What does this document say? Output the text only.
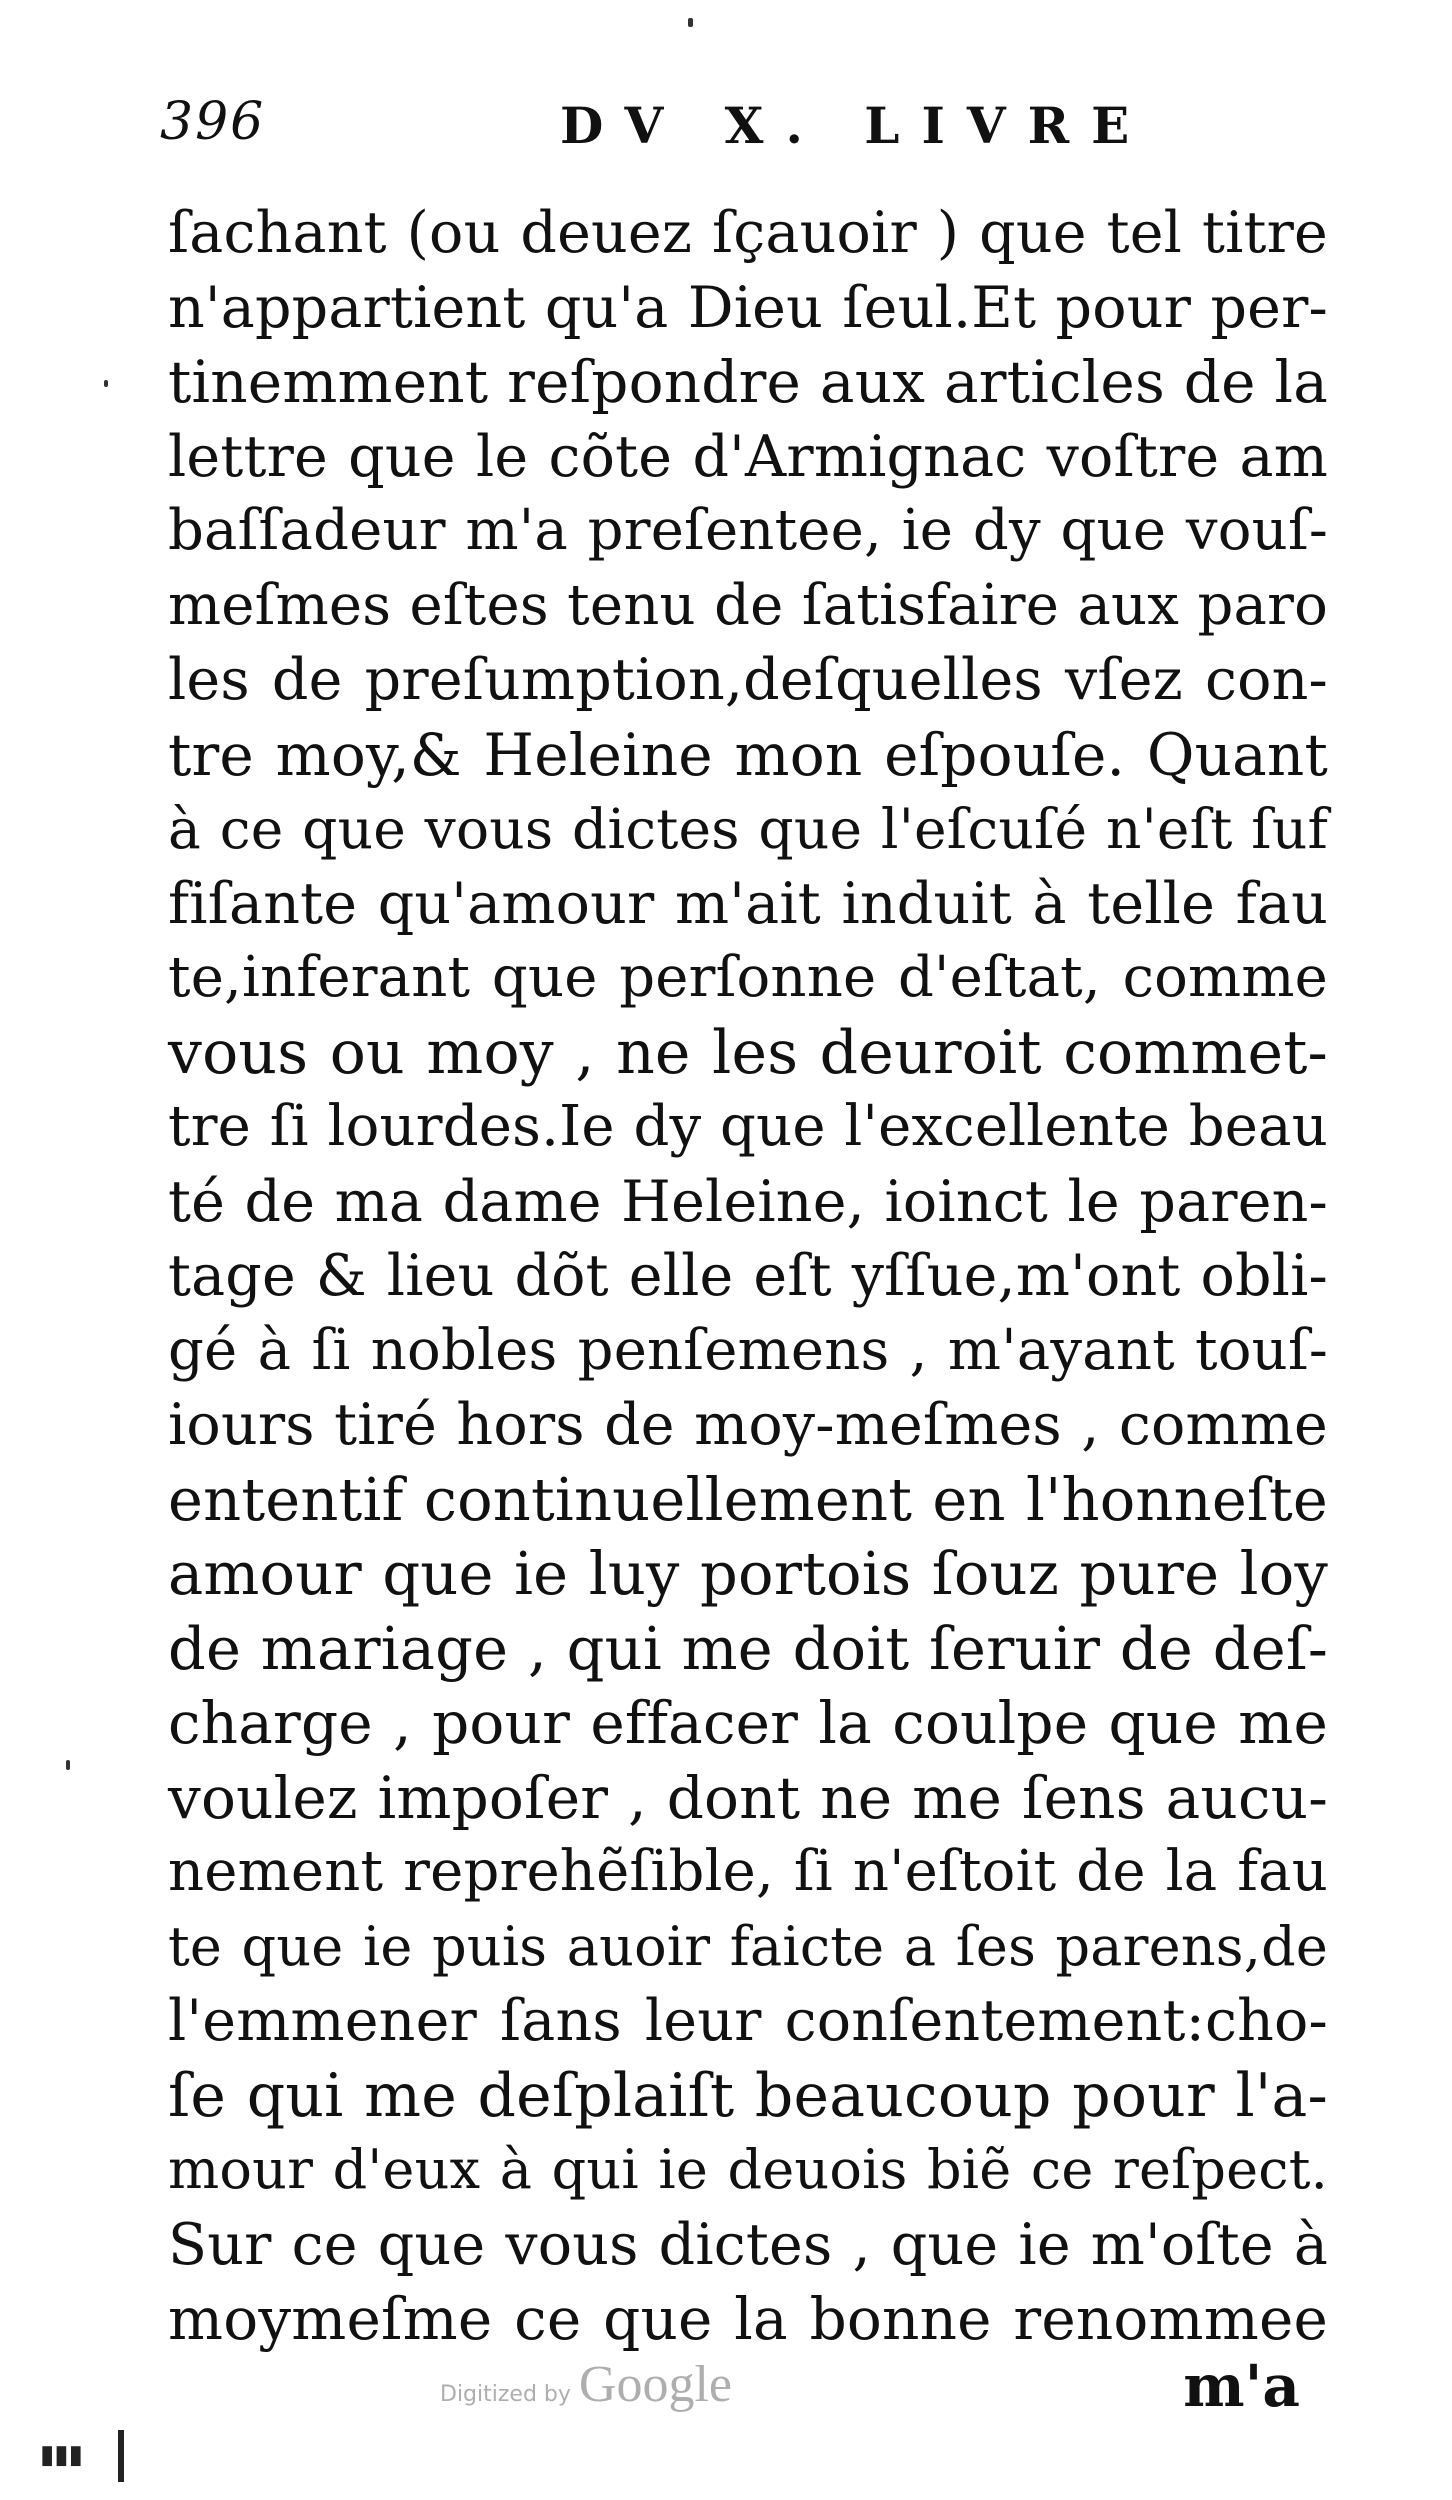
396	DV X. LIVRE
ſachant (ou deuez ſçauoir ) que tel titre
n'appartient qu'a Dieu ſeul.Et pour per-
tinemment reſpondre aux articles de la
lettre que le cõte d'Armignac voſtre am
baſſadeur m'a preſentee, ie dy que vouſ-
meſmes eſtes tenu de ſatisfaire aux paro
les de preſumption,deſquelles vſez con-
tre moy,& Heleine mon eſpouſe. Quant
à ce que vous dictes que l'eſcuſé n'eſt ſuf
fiſante qu'amour m'ait induit à telle fau
te,inferant que perſonne d'eſtat, comme
vous ou moy , ne les deuroit commet-
tre ſi lourdes.Ie dy que l'excellente beau
té de ma dame Heleine, ioinct le paren-
tage & lieu dõt elle eſt yſſue,m'ont obli-
gé à ſi nobles penſemens , m'ayant touſ-
iours tiré hors de moy-meſmes , comme
ententif continuellement en l'honneſte
amour que ie luy portois ſouz pure loy
de mariage , qui me doit ſeruir de deſ-
charge , pour effacer la coulpe que me
voulez impoſer , dont ne me ſens aucu-
nement reprehẽſible, ſi n'eſtoit de la fau
te que ie puis auoir faicte a ſes parens,de
l'emmener ſans leur conſentement:cho-
ſe qui me deſplaiſt beaucoup pour l'a-
mour d'eux à qui ie deuois biẽ ce reſpect.
Sur ce que vous dictes , que ie m'oſte à
moymeſme ce que la bonne renommee
Digitized by Google	m'a
▮▮▮
